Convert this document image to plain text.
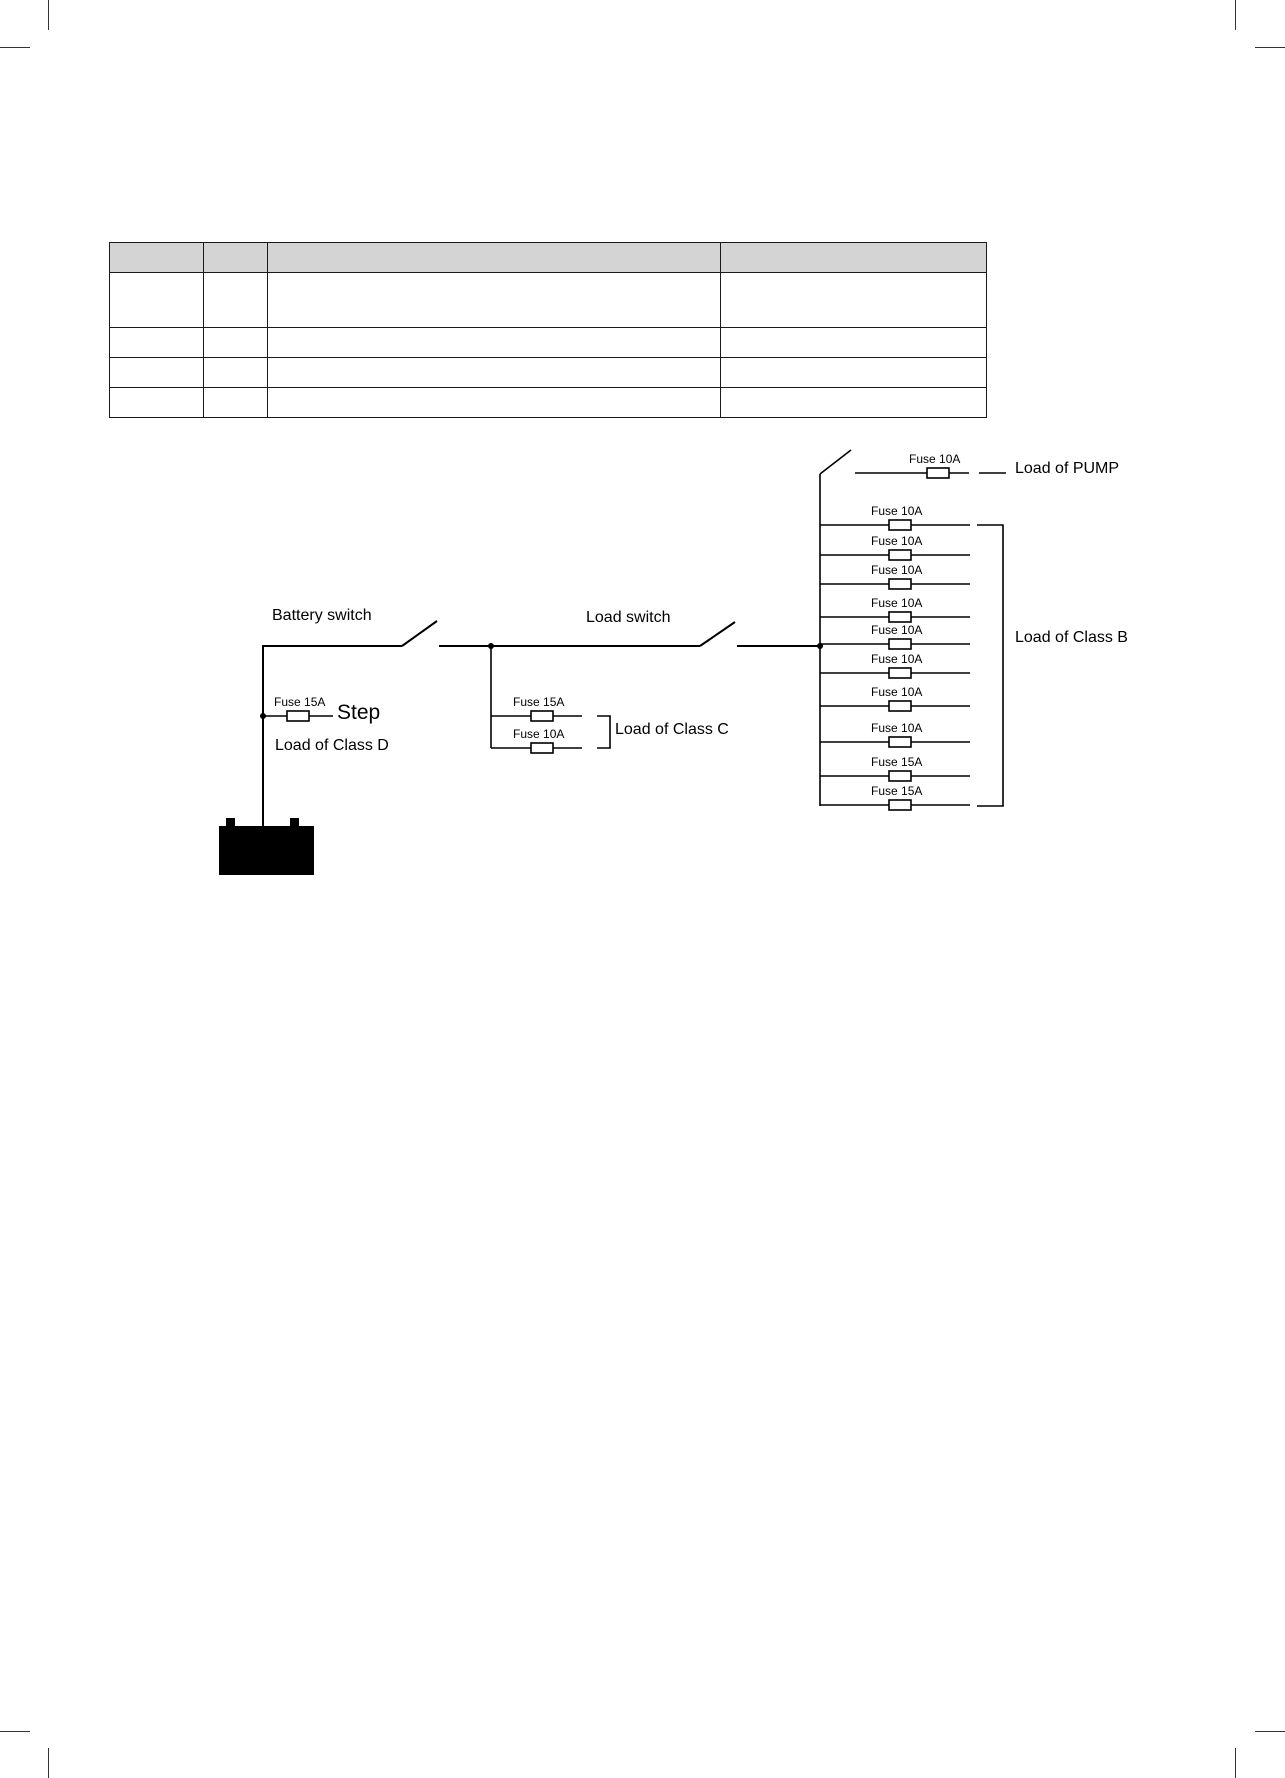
Battery switch
Fuse 15A Step
Load of Class D
Load switch
Fuse 15A
Fuse 10A	Load of Class C
Fuse 10A
Load of PUMP
Fuse 10A
Fuse 10A
Fuse 10A
Fuse 10A
Fuse 10A
Fuse 10A
Fuse 10A
Fuse 10A
Fuse 15A
Fuse 15A
Load of Class B
